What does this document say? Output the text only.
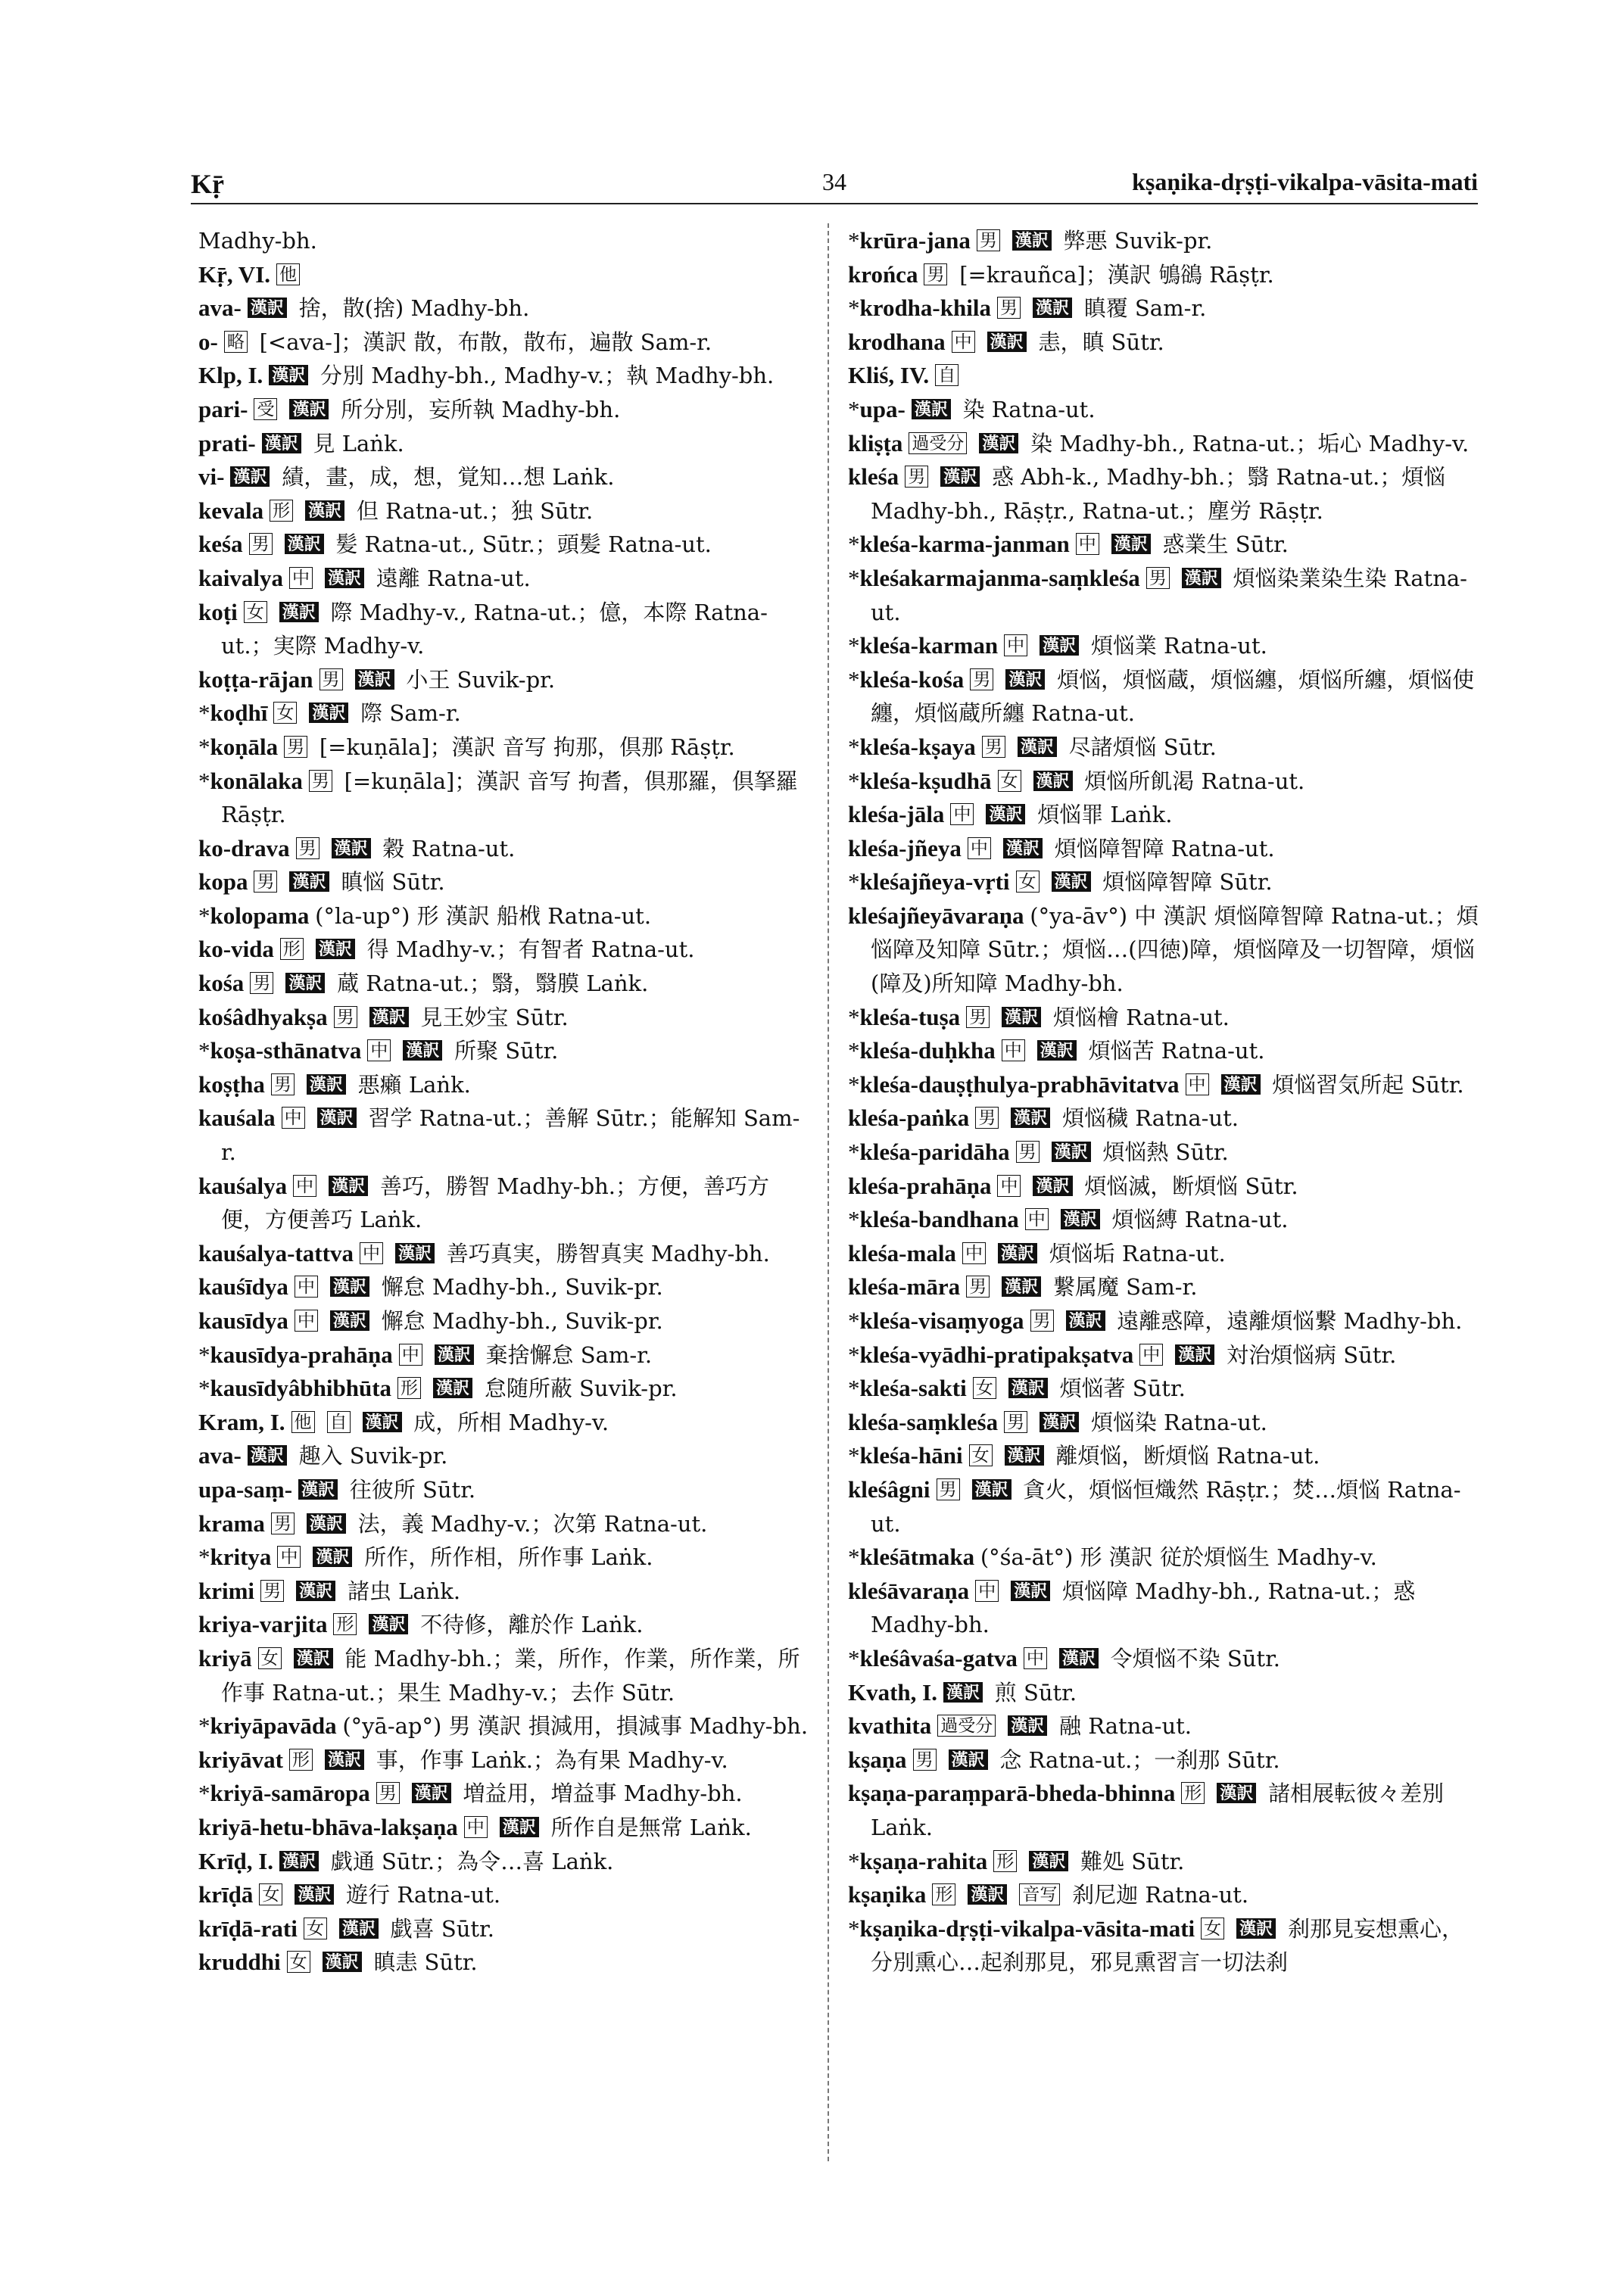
Kṝ	34	kṣaṇika-dṛṣṭi-vikalpa-vāsita-mati

Madhy-bh.

Kṝ, VI. 他

ava- 漢訳 捨，散(捨) Madhy-bh.

o- 略 [<ava-]；漢訳 散，布散，散布，遍散 Sam-r.

Klp, I. 漢訳 分別 Madhy-bh., Madhy-v.；執 Madhy-bh.

pari- 受 漢訳 所分別，妄所執 Madhy-bh.

prati- 漢訳 見 Laṅk.

vi- 漢訳 績，畫，成，想，覚知…想 Laṅk.

kevala 形 漢訳 但 Ratna-ut.；独 Sūtr.

keśa 男 漢訳 髪 Ratna-ut., Sūtr.；頭髪 Ratna-ut.

kaivalya 中 漢訳 遠離 Ratna-ut.

koṭi 女 漢訳 際 Madhy-v., Ratna-ut.；億，本際 Ratna-ut.；実際 Madhy-v.

koṭṭa-rājan 男 漢訳 小王 Suvik-pr.

*koḍhī 女 漢訳 際 Sam-r.

*koṇāla 男 [=kuṇāla]；漢訳 音写 拘那，倶那 Rāṣṭr.

*konālaka 男 [=kuṇāla]；漢訳 音写 拘耆，倶那羅，倶拏羅 Rāṣṭr.

ko-drava 男 漢訳 穀 Ratna-ut.

kopa 男 漢訳 瞋悩 Sūtr.

*kolopama (°la-up°) 形 漢訳 船栰 Ratna-ut.

ko-vida 形 漢訳 得 Madhy-v.；有智者 Ratna-ut.

kośa 男 漢訳 蔵 Ratna-ut.；翳，翳膜 Laṅk.

kośâdhyakṣa 男 漢訳 見王妙宝 Sūtr.

*koṣa-sthānatva 中 漢訳 所聚 Sūtr.

koṣṭha 男 漢訳 悪癩 Laṅk.

kauśala 中 漢訳 習学 Ratna-ut.；善解 Sūtr.；能解知 Sam-r.

kauśalya 中 漢訳 善巧，勝智 Madhy-bh.；方便，善巧方便，方便善巧 Laṅk.

kauśalya-tattva 中 漢訳 善巧真実，勝智真実 Madhy-bh.

kauśīdya 中 漢訳 懈怠 Madhy-bh., Suvik-pr.

kausīdya 中 漢訳 懈怠 Madhy-bh., Suvik-pr.

*kausīdya-prahāṇa 中 漢訳 棄捨懈怠 Sam-r.

*kausīdyâbhibhūta 形 漢訳 怠随所蔽 Suvik-pr.

Kram, I. 他 自 漢訳 成，所相 Madhy-v.

ava- 漢訳 趣入 Suvik-pr.

upa-saṃ- 漢訳 往彼所 Sūtr.

krama 男 漢訳 法，義 Madhy-v.；次第 Ratna-ut.

*kritya 中 漢訳 所作，所作相，所作事 Laṅk.

krimi 男 漢訳 諸虫 Laṅk.

kriya-varjita 形 漢訳 不待修，離於作 Laṅk.

kriyā 女 漢訳 能 Madhy-bh.；業，所作，作業，所作業，所作事 Ratna-ut.；果生 Madhy-v.；去作 Sūtr.

*kriyāpavāda (°yā-ap°) 男 漢訳 損減用，損減事 Madhy-bh.

kriyāvat 形 漢訳 事，作事 Laṅk.；為有果 Madhy-v.

*kriyā-samāropa 男 漢訳 増益用，増益事 Madhy-bh.

kriyā-hetu-bhāva-lakṣaṇa 中 漢訳 所作自是無常 Laṅk.

Krīḍ, I. 漢訳 戯通 Sūtr.；為令…喜 Laṅk.

krīḍā 女 漢訳 遊行 Ratna-ut.

krīḍā-rati 女 漢訳 戯喜 Sūtr.

kruddhi 女 漢訳 瞋恚 Sūtr.

*krūra-jana 男 漢訳 弊悪 Suvik-pr.

krońca 男 [=krauñca]；漢訳 鴝鵒 Rāṣṭr.

*krodha-khila 男 漢訳 瞋覆 Sam-r.

krodhana 中 漢訳 恚，瞋 Sūtr.

Kliś, IV. 自

*upa- 漢訳 染 Ratna-ut.

kliṣṭa 過受分 漢訳 染 Madhy-bh., Ratna-ut.；垢心 Madhy-v.

kleśa 男 漢訳 惑 Abh-k., Madhy-bh.；翳 Ratna-ut.；煩悩 Madhy-bh., Rāṣṭr., Ratna-ut.；塵労 Rāṣṭr.

*kleśa-karma-janman 中 漢訳 惑業生 Sūtr.

*kleśakarmajanma-saṃkleśa 男 漢訳 煩悩染業染生染 Ratna-ut.

*kleśa-karman 中 漢訳 煩悩業 Ratna-ut.

*kleśa-kośa 男 漢訳 煩悩，煩悩蔵，煩悩纏，煩悩所纏，煩悩使纏，煩悩蔵所纏 Ratna-ut.

*kleśa-kṣaya 男 漢訳 尽諸煩悩 Sūtr.

*kleśa-kṣudhā 女 漢訳 煩悩所飢渇 Ratna-ut.

kleśa-jāla 中 漢訳 煩悩罪 Laṅk.

kleśa-jñeya 中 漢訳 煩悩障智障 Ratna-ut.

*kleśajñeya-vṛti 女 漢訳 煩悩障智障 Sūtr.

kleśajñeyāvaraṇa (°ya-āv°) 中 漢訳 煩悩障智障 Ratna-ut.；煩悩障及知障 Sūtr.；煩悩…(四徳)障，煩悩障及一切智障，煩悩(障及)所知障 Madhy-bh.

*kleśa-tuṣa 男 漢訳 煩悩檜 Ratna-ut.

*kleśa-duḥkha 中 漢訳 煩悩苦 Ratna-ut.

*kleśa-dauṣṭhulya-prabhāvitatva 中 漢訳 煩悩習気所起 Sūtr.

kleśa-paṅka 男 漢訳 煩悩穢 Ratna-ut.

*kleśa-paridāha 男 漢訳 煩悩熱 Sūtr.

kleśa-prahāṇa 中 漢訳 煩悩滅，断煩悩 Sūtr.

*kleśa-bandhana 中 漢訳 煩悩縛 Ratna-ut.

kleśa-mala 中 漢訳 煩悩垢 Ratna-ut.

kleśa-māra 男 漢訳 繋属魔 Sam-r.

*kleśa-visaṃyoga 男 漢訳 遠離惑障，遠離煩悩繋 Madhy-bh.

*kleśa-vyādhi-pratipakṣatva 中 漢訳 対治煩悩病 Sūtr.

*kleśa-sakti 女 漢訳 煩悩著 Sūtr.

kleśa-saṃkleśa 男 漢訳 煩悩染 Ratna-ut.

*kleśa-hāni 女 漢訳 離煩悩，断煩悩 Ratna-ut.

kleśâgni 男 漢訳 貪火，煩悩恒熾然 Rāṣṭr.；焚…煩悩 Ratna-ut.

*kleśātmaka (°śa-āt°) 形 漢訳 従於煩悩生 Madhy-v.

kleśāvaraṇa 中 漢訳 煩悩障 Madhy-bh., Ratna-ut.；惑 Madhy-bh.

*kleśâvaśa-gatva 中 漢訳 令煩悩不染 Sūtr.

Kvath, I. 漢訳 煎 Sūtr.

kvathita 過受分 漢訳 融 Ratna-ut.

kṣaṇa 男 漢訳 念 Ratna-ut.；一刹那 Sūtr.

kṣaṇa-paraṃparā-bheda-bhinna 形 漢訳 諸相展転彼々差別 Laṅk.

*kṣaṇa-rahita 形 漢訳 難処 Sūtr.

kṣaṇika 形 漢訳 音写 刹尼迦 Ratna-ut.

*kṣaṇika-dṛṣṭi-vikalpa-vāsita-mati 女 漢訳 刹那見妄想熏心，分別熏心…起刹那見，邪見熏習言一切法刹
